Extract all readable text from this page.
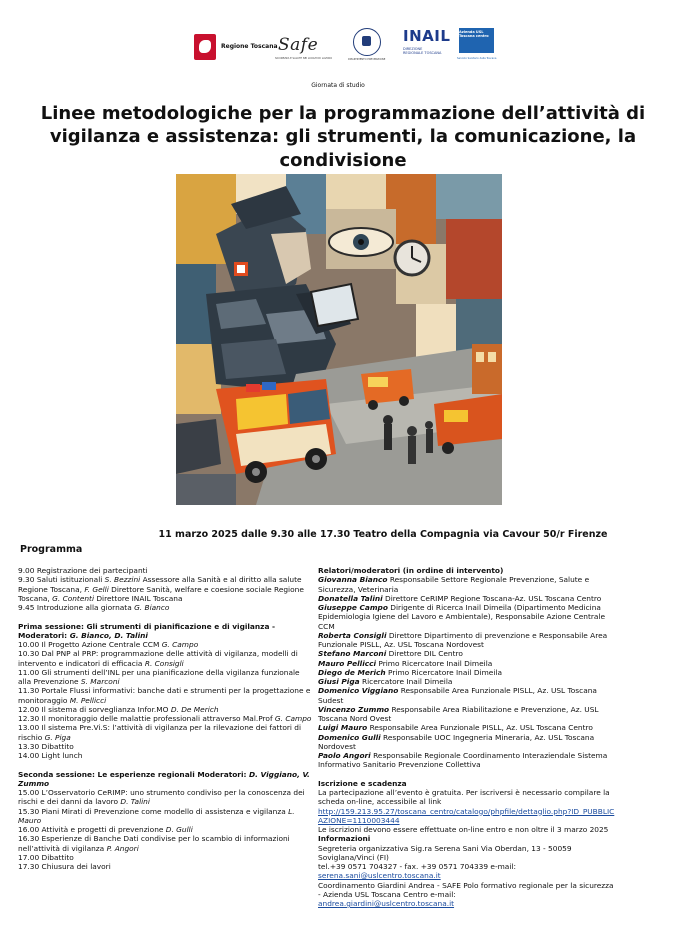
Regione Toscana Safe
SICUREZZA E SALUTE NEI LUOGHI DI LAVORO	DIPARTIMENTO PREVENZIONE
INAIL
DIREZIONE REGIONALE TOSCANA
Azienda USL Toscana centro
Servizio Sanitario della Toscana
Giornata di studio
Linee metodologiche per la programmazione dell’attività di vigilanza e assistenza: gli strumenti, la comunicazione, la condivisione
11 marzo 2025 dalle 9.30 alle 17.30 Teatro della Compagnia via Cavour 50/r Firenze
Programma

9.00 Registrazione dei partecipanti

9.30 Saluti istituzionali S. Bezzini Assessore alla Sanità e al diritto alla salute Regione Toscana, F. Gelli Direttore Sanità, welfare e coesione sociale Regione Toscana, G. Contenti Direttore INAIL Toscana

9.45 Introduzione alla giornata G. Bianco

Prima sessione: Gli strumenti di pianificazione e di vigilanza - Moderatori: G. Bianco, D. Talini

10.00 Il Progetto Azione Centrale CCM G. Campo

10.30 Dal PNP al PRP: programmazione delle attività di vigilanza, modelli di intervento e indicatori di efficacia R. Consigli

11.00 Gli strumenti dell’INL per una pianificazione della vigilanza funzionale alla Prevenzione S. Marconi

11.30 Portale Flussi informativi: banche dati e strumenti per la progettazione e monitoraggio M. Pellicci

12.00 Il sistema di sorveglianza Infor.MO D. De Merich

12.30 Il monitoraggio delle malattie professionali attraverso Mal.Prof G. Campo

13.00 Il sistema Pre.Vi.S: l’attività di vigilanza per la rilevazione dei fattori di rischio G. Piga

13.30 Dibattito

14.00 Light lunch

Seconda sessione: Le esperienze regionali Moderatori: D. Viggiano, V. Zummo

15.00 L’Osservatorio CeRIMP: uno strumento condiviso per la conoscenza dei rischi e dei danni da lavoro D. Talini

15.30 Piani Mirati di Prevenzione come modello di assistenza e vigilanza L. Mauro

16.00 Attività e progetti di prevenzione D. Gulli

16.30 Esperienze di Banche Dati condivise per lo scambio di informazioni nell’attività di vigilanza P. Angori

17.00 Dibattito

17.30 Chiusura dei lavori

Relatori/moderatori (in ordine di intervento)

Giovanna Bianco Responsabile Settore Regionale Prevenzione, Salute e Sicurezza, Veterinaria

Donatella Talini Direttore CeRIMP Regione Toscana-Az. USL Toscana Centro

Giuseppe Campo Dirigente di Ricerca Inail Dimeila (Dipartimento Medicina Epidemiologia Igiene del Lavoro e Ambientale), Responsabile Azione Centrale CCM

Roberta Consigli Direttore Dipartimento di prevenzione e Responsabile Area Funzionale PISLL, Az. USL Toscana Nordovest

Stefano Marconi Direttore DIL Centro

Mauro Pellicci Primo Ricercatore Inail Dimeila

Diego de Merich Primo Ricercatore Inail Dimeila

Giusi Piga Ricercatore Inail Dimeila

Domenico Viggiano Responsabile Area Funzionale PISLL, Az. USL Toscana Sudest

Vincenzo Zummo Responsabile Area Riabilitazione e Prevenzione, Az. USL Toscana Nord Ovest

Luigi Mauro Responsabile Area Funzionale PISLL, Az. USL Toscana Centro

Domenico Gulli Responsabile UOC Ingegneria Mineraria, Az. USL Toscana Nordovest

Paolo Angori Responsabile Regionale Coordinamento Interaziendale Sistema Informativo Sanitario Prevenzione Collettiva

Iscrizione e scadenza

La partecipazione all’evento è gratuita. Per iscriversi è necessario compilare la scheda on-line, accessibile al link

http://159.213.95.27/toscana_centro/catalogo/phpfile/dettaglio.php?ID_PUBBLICAZIONE=1110003444

Le iscrizioni devono essere effettuate on-line entro e non oltre il 3 marzo 2025

Informazioni

Segreteria organizzativa Sig.ra Serena Sani Via Oberdan, 13 - 50059 Soviglana/Vinci (FI)

tel.+39 0571 704327 - fax. +39 0571 704339 e-mail:

serena.sani@uslcentro.toscana.it

Coordinamento Giardini Andrea - SAFE Polo formativo regionale per la sicurezza - Azienda USL Toscana Centro e-mail:

andrea.giardini@uslcentro.toscana.it
